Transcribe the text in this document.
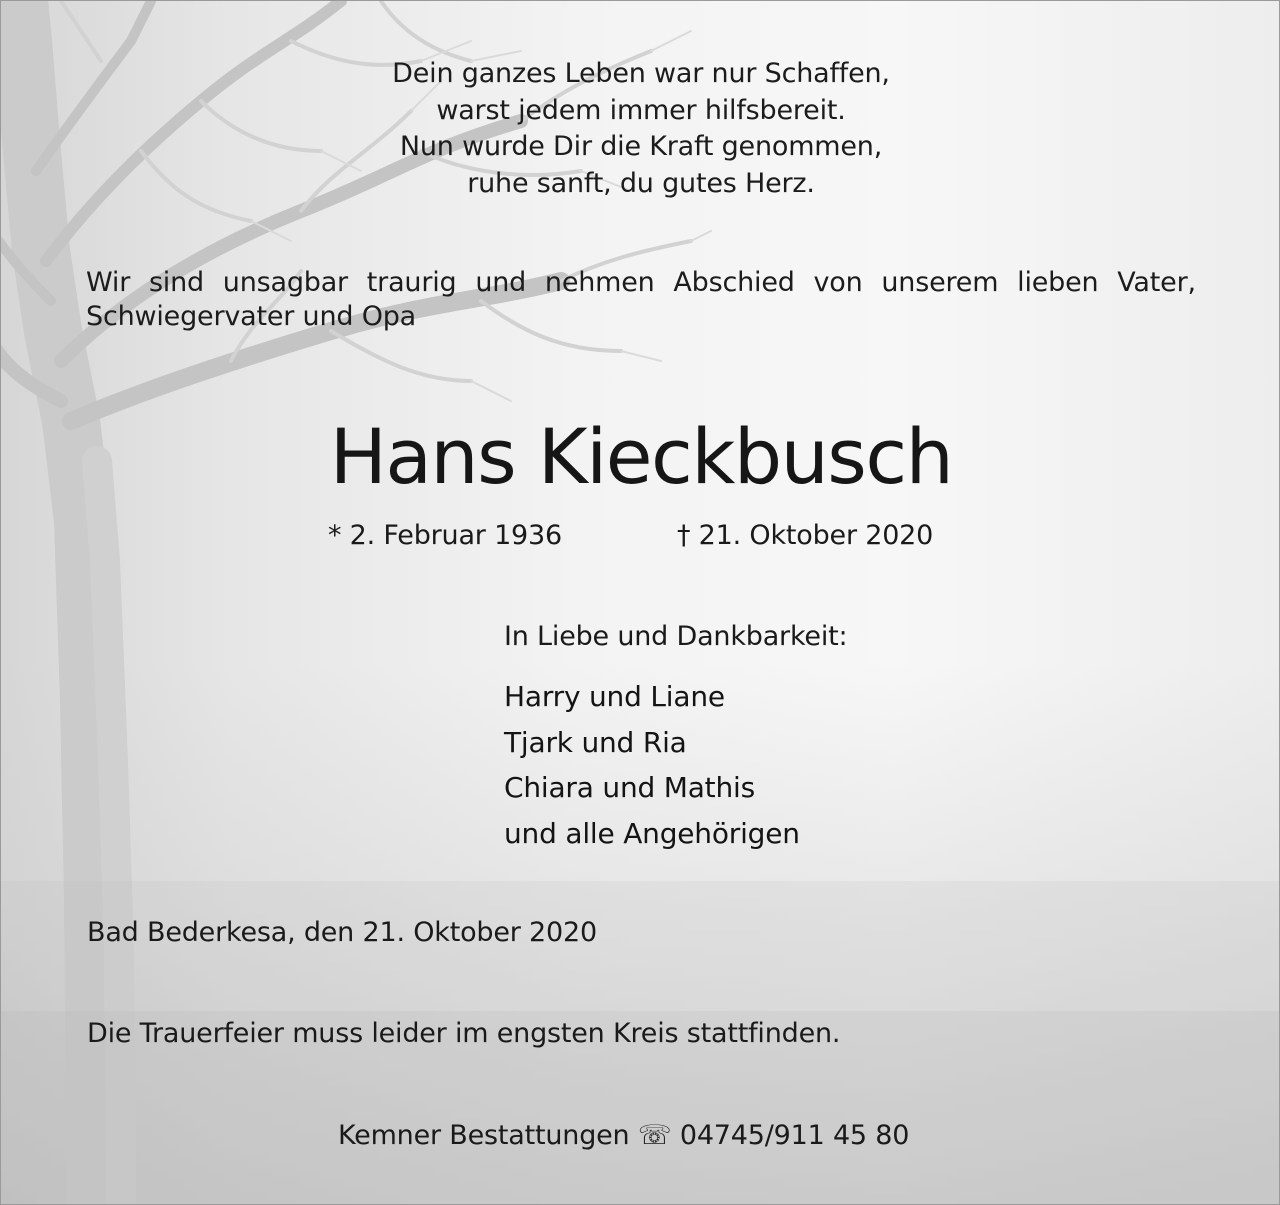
Dein ganzes Leben war nur Schaffen,
warst jedem immer hilfsbereit.
Nun wurde Dir die Kraft genommen,
ruhe sanft, du gutes Herz.
Wir sind unsagbar traurig und nehmen Abschied von unserem lieben Vater,
Schwiegervater und Opa
Hans Kieckbusch
* 2. Februar 1936	† 21. Oktober 2020
In Liebe und Dankbarkeit:
Harry und Liane
Tjark und Ria
Chiara und Mathis
und alle Angehörigen
Bad Bederkesa, den 21. Oktober 2020
Die Trauerfeier muss leider im engsten Kreis stattfinden.
Kemner Bestattungen ☏ 04745/911 45 80
